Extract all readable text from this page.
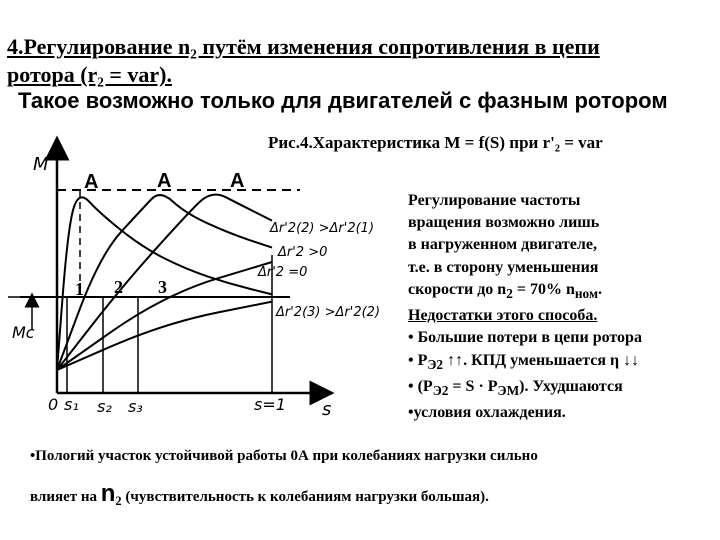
4.Регулирование n₂ путём изменения сопротивления в цепи
ротора (r₂ = var).
Такое возможно только для двигателей с фазным ротором
Рис.4.Характеристика М = f(S) при r'₂ = var
M
Mc
s
A	A	A
1 2 3
0 s₁ s₂ s₃	s=1
Δr'2(2) >Δr'2(1)
Δr'2 >0
Δr'2 =0
Δr'2(3) >Δr'2(2)
Регулирование частоты
вращения возможно лишь
в нагруженном двигателе,
т.е. в сторону уменьшения
скорости до $n_2 = 70\%$ $n_{ном}$.
Недостатки этого способа.
• Большие потери в цепи ротора
• $Р_{Э2}$ ↑↑. КПД уменьшается η ↓↓
• $(Р_{Э2} = S \cdot Р_{ЭМ})$. Ухудшаются
•условия охлаждения.
•Пологий участок устойчивой работы 0А при колебаниях нагрузки сильно
влияет на $n_2$ (чувствительность к колебаниям нагрузки большая).
